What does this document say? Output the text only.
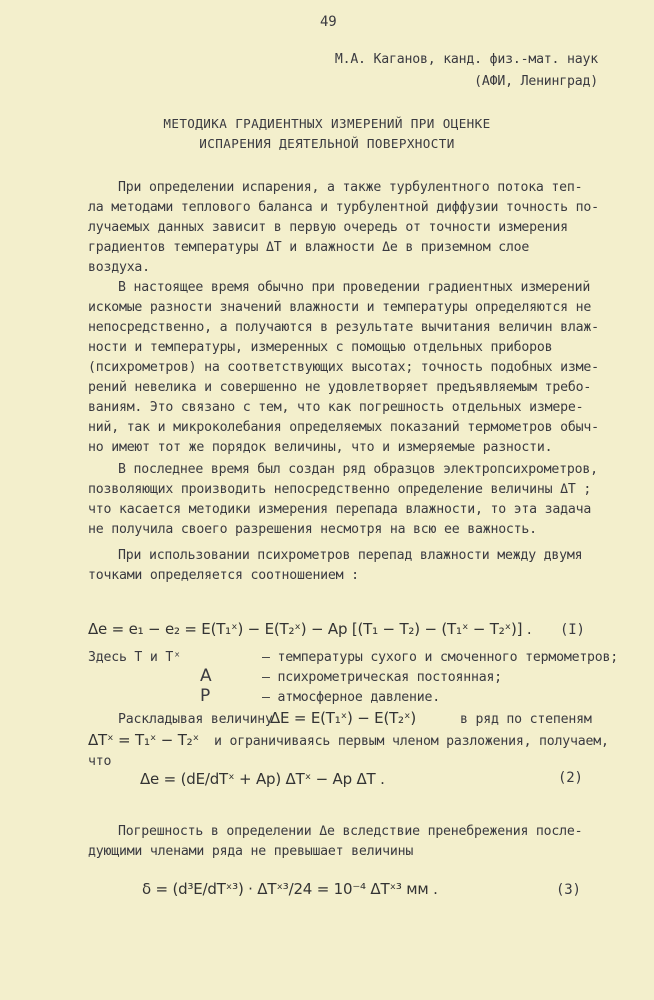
49
М.А. Каганов, канд. физ.-мат. наук
(АФИ, Ленинград)
МЕТОДИКА ГРАДИЕНТНЫХ ИЗМЕРЕНИЙ ПРИ ОЦЕНКЕ
ИСПАРЕНИЯ ДЕЯТЕЛЬНОЙ ПОВЕРХНОСТИ
При определении испарения, а также турбулентного потока теп-
ла методами теплового баланса и турбулентной диффузии точность по-
лучаемых данных зависит в первую очередь от точности измерения
градиентов температуры ΔT и влажности Δe в приземном слое
воздуха.
В настоящее время обычно при проведении градиентных измерений
искомые разности значений влажности и температуры определяются не
непосредственно, а получаются в результате вычитания величин влаж-
ности и температуры, измеренных с помощью отдельных приборов
(психрометров) на соответствующих высотах; точность подобных изме-
рений невелика и совершенно не удовлетворяет предъявляемым требо-
ваниям. Это связано с тем, что как погрешность отдельных измере-
ний, так и микроколебания определяемых показаний термометров обыч-
но имеют тот же порядок величины, что и измеряемые разности.
В последнее время был создан ряд образцов электропсихрометров,
позволяющих производить непосредственно определение величины ΔT ;
что касается методики измерения перепада влажности, то эта задача
не получила своего разрешения несмотря на всю ее важность.
При использовании психрометров перепад влажности между двумя
точками определяется соотношением :
Δe = e₁ − e₂ = E(T₁ˣ) − E(T₂ˣ) − Ap [(T₁ − T₂) − (T₁ˣ − T₂ˣ)] . (I)
Здесь T и Tˣ	– температуры сухого и смоченного термометров;
A	– психрометрическая постоянная;
P	– атмосферное давление.
Раскладывая величину
ΔE = E(T₁ˣ) − E(T₂ˣ)	в ряд по степеням
ΔTˣ = T₁ˣ − T₂ˣ и ограничиваясь первым членом разложения, получаем,
что
Δe = (dE/dTˣ + Ap) ΔTˣ − Ap ΔT .	(2)
Погрешность в определении Δe вследствие пренебрежения после-
дующими членами ряда не превышает величины
δ = (d³E/dTˣ³) · ΔTˣ³/24 = 10⁻⁴ ΔTˣ³ мм .	(3)
